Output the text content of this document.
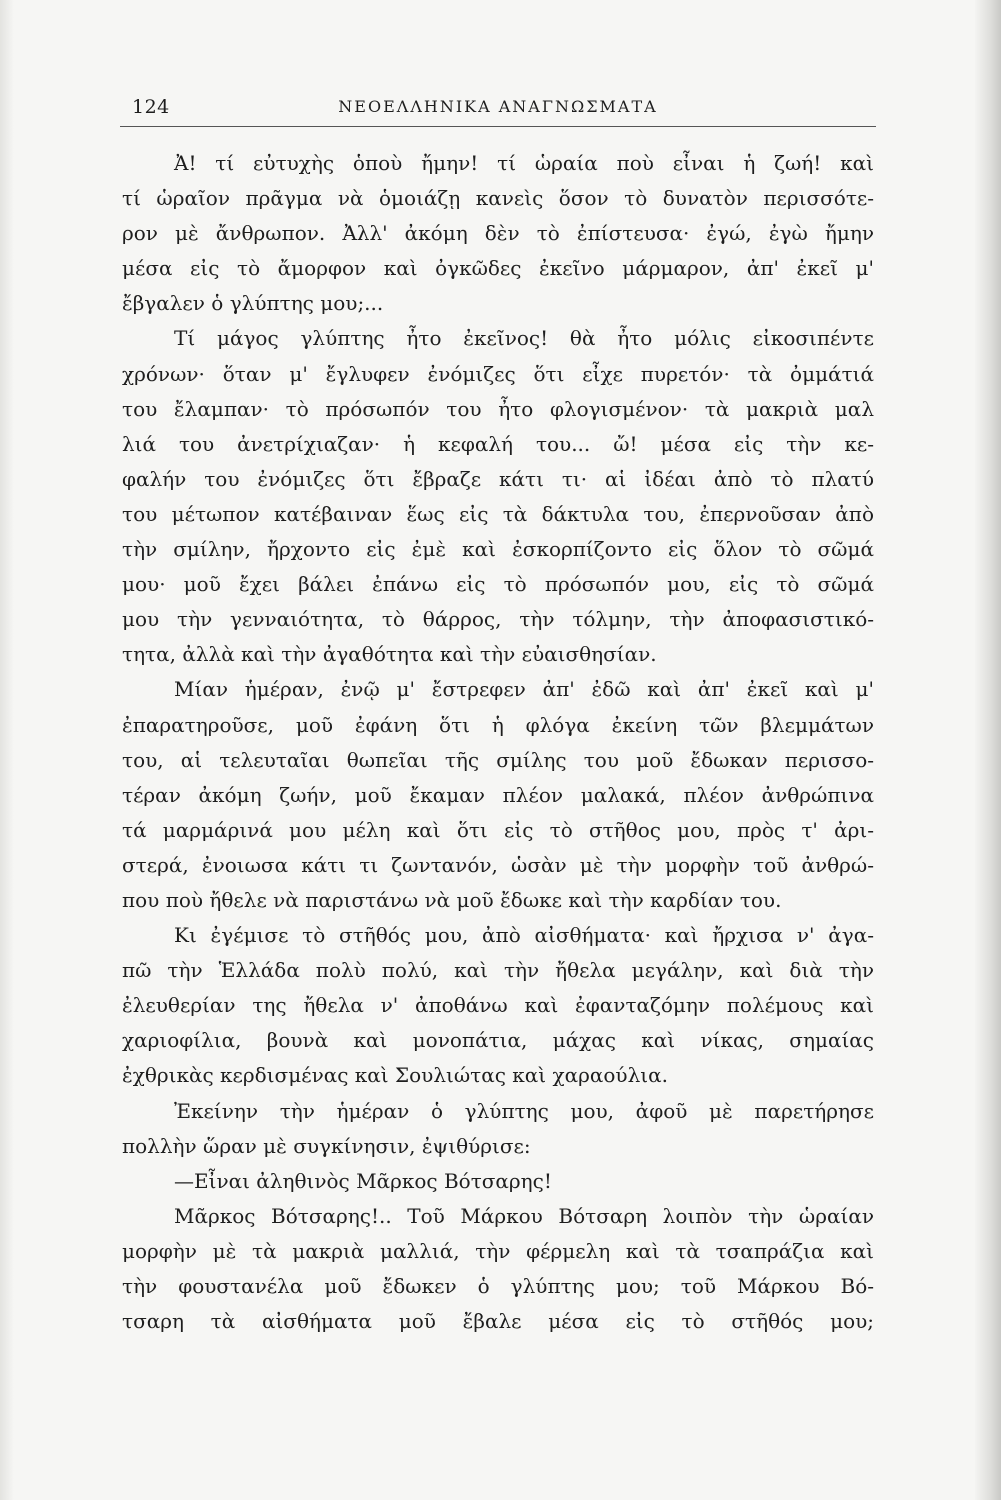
124	ΝΕΟΕΛΛΗΝΙΚΑ ΑΝΑΓΝΩΣΜΑΤΑ
Ἀ! τί εὐτυχὴς ὁποὺ ἤμην! τί ὡραία ποὺ εἶναι ἡ ζωή! καὶ
τί ὡραῖον πρᾶγμα νὰ ὁμοιάζῃ κανεὶς ὅσον τὸ δυνατὸν περισσότε-
ρον μὲ ἄνθρωπον. Ἀλλ' ἀκόμη δὲν τὸ ἐπίστευσα· ἐγώ, ἐγὼ ἤμην
μέσα εἰς τὸ ἄμορφον καὶ ὀγκῶδες ἐκεῖνο μάρμαρον, ἀπ' ἐκεῖ μ'
ἔβγαλεν ὁ γλύπτης μου;...
Τί μάγος γλύπτης ἦτο ἐκεῖνος! θὰ ἦτο μόλις εἰκοσιπέντε
χρόνων· ὅταν μ' ἔγλυφεν ἐνόμιζες ὅτι εἶχε πυρετόν· τὰ ὀμμάτιά
του ἔλαμπαν· τὸ πρόσωπόν του ἦτο φλογισμένον· τὰ μακριὰ μαλ
λιά του ἀνετρίχιαζαν· ἡ κεφαλή του... ὤ! μέσα εἰς τὴν κε-
φαλήν του ἐνόμιζες ὅτι ἔβραζε κάτι τι· αἱ ἰδέαι ἀπὸ τὸ πλατύ
του μέτωπον κατέβαιναν ἕως εἰς τὰ δάκτυλα του, ἐπερνοῦσαν ἀπὸ
τὴν σμίλην, ἤρχοντο εἰς ἐμὲ καὶ ἐσκορπίζοντο εἰς ὅλον τὸ σῶμά
μου· μοῦ ἔχει βάλει ἐπάνω εἰς τὸ πρόσωπόν μου, εἰς τὸ σῶμά
μου τὴν γενναιότητα, τὸ θάρρος, τὴν τόλμην, τὴν ἀποφασιστικό-
τητα, ἀλλὰ καὶ τὴν ἀγαθότητα καὶ τὴν εὐαισθησίαν.
Μίαν ἡμέραν, ἐνῷ μ' ἔστρεφεν ἀπ' ἐδῶ καὶ ἀπ' ἐκεῖ καὶ μ'
ἐπαρατηροῦσε, μοῦ ἐφάνη ὅτι ἡ φλόγα ἐκείνη τῶν βλεμμάτων
του, αἱ τελευταῖαι θωπεῖαι τῆς σμίλης του μοῦ ἔδωκαν περισσο-
τέραν ἀκόμη ζωήν, μοῦ ἔκαμαν πλέον μαλακά, πλέον ἀνθρώπινα
τά μαρμάρινά μου μέλη καὶ ὅτι εἰς τὸ στῆθος μου, πρὸς τ' ἀρι-
στερά, ἐνοιωσα κάτι τι ζωντανόν, ὡσὰν μὲ τὴν μορφὴν τοῦ ἀνθρώ-
που ποὺ ἤθελε νὰ παριστάνω νὰ μοῦ ἔδωκε καὶ τὴν καρδίαν του.
Κι ἐγέμισε τὸ στῆθός μου, ἀπὸ αἰσθήματα· καὶ ἤρχισα ν' ἀγα-
πῶ τὴν Ἑλλάδα πολὺ πολύ, καὶ τὴν ἤθελα μεγάλην, καὶ διὰ τὴν
ἐλευθερίαν της ἤθελα ν' ἀποθάνω καὶ ἐφανταζόμην πολέμους καὶ
χαριοφίλια, βουνὰ καὶ μονοπάτια, μάχας καὶ νίκας, σημαίας
ἐχθρικὰς κερδισμένας καὶ Σουλιώτας καὶ χαραούλια.
Ἐκείνην τὴν ἡμέραν ὁ γλύπτης μου, ἀφοῦ μὲ παρετήρησε
πολλὴν ὥραν μὲ συγκίνησιν, ἐψιθύρισε:
—Εἶναι ἀληθινὸς Μᾶρκος Βότσαρης!
Μᾶρκος Βότσαρης!.. Τοῦ Μάρκου Βότσαρη λοιπὸν τὴν ὡραίαν
μορφὴν μὲ τὰ μακριὰ μαλλιά, τὴν φέρμελη καὶ τὰ τσαπράζια καὶ
τὴν φουστανέλα μοῦ ἔδωκεν ὁ γλύπτης μου; τοῦ Μάρκου Βό-
τσαρη τὰ αἰσθήματα μοῦ ἔβαλε μέσα εἰς τὸ στῆθός μου;
